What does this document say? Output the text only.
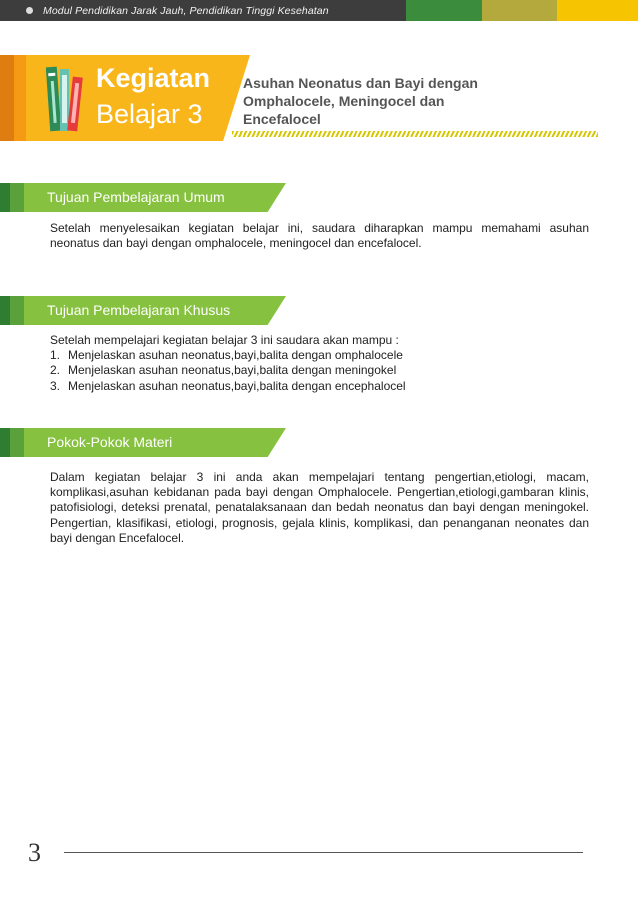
Modul Pendidikan Jarak Jauh, Pendidikan Tinggi Kesehatan
Kegiatan
Belajar 3
Asuhan Neonatus dan Bayi dengan
Omphalocele, Meningocel dan
Encefalocel
Tujuan Pembelajaran Umum
Setelah menyelesaikan kegiatan belajar ini, saudara diharapkan mampu memahami asuhan neonatus dan bayi dengan omphalocele, meningocel dan encefalocel.
Tujuan Pembelajaran Khusus
Setelah mempelajari kegiatan belajar 3 ini saudara akan mampu :
1. Menjelaskan asuhan neonatus,bayi,balita dengan omphalocele
2. Menjelaskan asuhan neonatus,bayi,balita dengan meningokel
3. Menjelaskan asuhan neonatus,bayi,balita dengan encephalocel
Pokok-Pokok Materi
Dalam kegiatan belajar 3 ini anda akan mempelajari tentang pengertian,etiologi, macam, komplikasi,asuhan kebidanan pada bayi dengan Omphalocele. Pengertian,etiologi,gambaran klinis, patofisiologi, deteksi prenatal, penatalaksanaan dan bedah neonatus dan bayi dengan meningokel. Pengertian, klasifikasi, etiologi, prognosis, gejala klinis, komplikasi, dan penanganan neonates dan bayi dengan Encefalocel.
3
